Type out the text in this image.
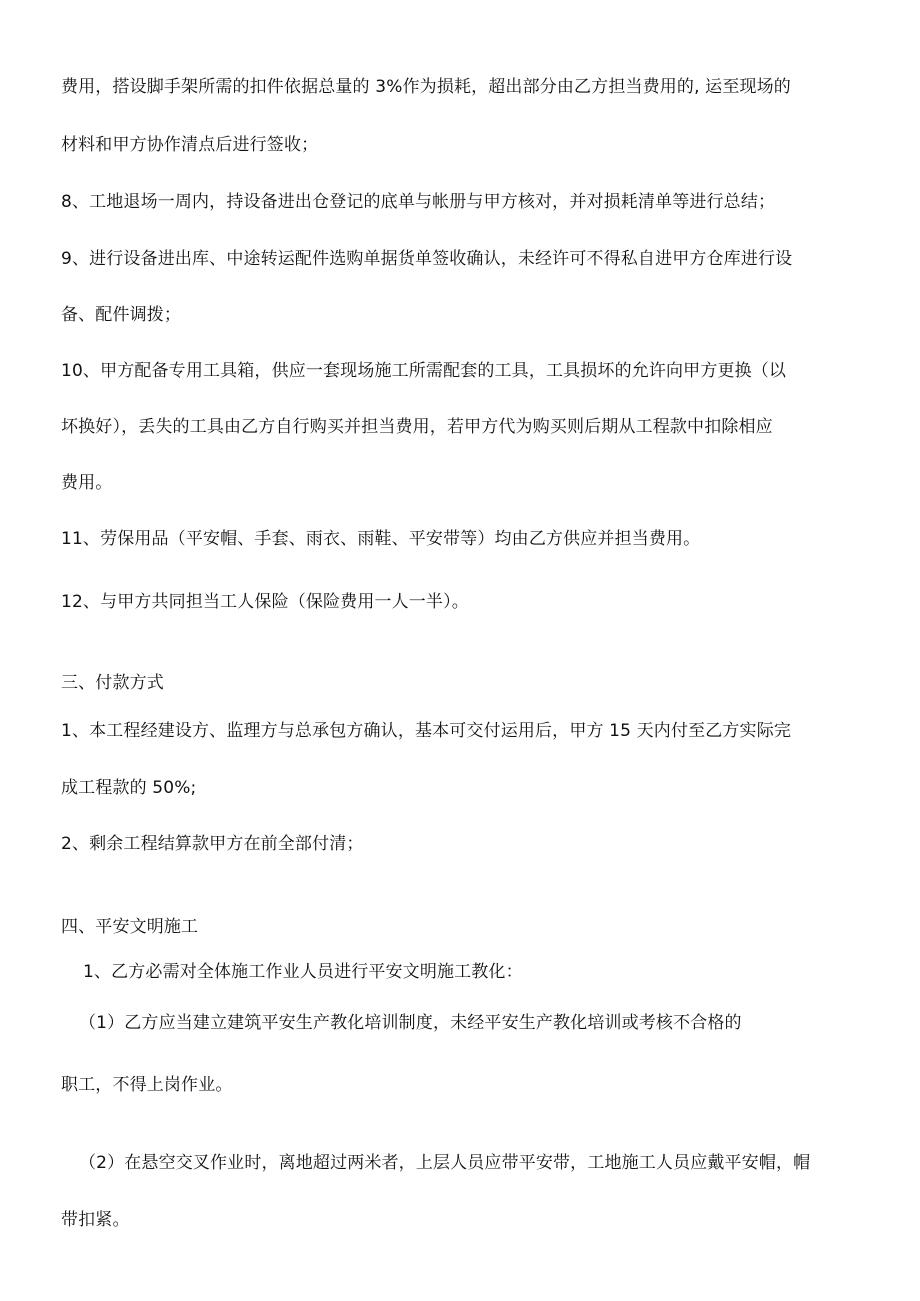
费用，搭设脚手架所需的扣件依据总量的 3%作为损耗，超出部分由乙方担当费用的, 运至现场的
材料和甲方协作清点后进行签收；
8、工地退场一周内，持设备进出仓登记的底单与帐册与甲方核对，并对损耗清单等进行总结；
9、进行设备进出库、中途转运配件选购单据货单签收确认，未经许可不得私自进甲方仓库进行设
备、配件调拨；
10、甲方配备专用工具箱，供应一套现场施工所需配套的工具，工具损坏的允许向甲方更换（以
坏换好），丢失的工具由乙方自行购买并担当费用，若甲方代为购买则后期从工程款中扣除相应
费用。
11、劳保用品（平安帽、手套、雨衣、雨鞋、平安带等）均由乙方供应并担当费用。
12、与甲方共同担当工人保险（保险费用一人一半）。
三、付款方式
1、本工程经建设方、监理方与总承包方确认，基本可交付运用后，甲方 15 天内付至乙方实际完
成工程款的 50%;
2、剩余工程结算款甲方在前全部付清；
四、平安文明施工
1、乙方必需对全体施工作业人员进行平安文明施工教化：
（1）乙方应当建立建筑平安生产教化培训制度，未经平安生产教化培训或考核不合格的
职工，不得上岗作业。
（2）在悬空交叉作业时，离地超过两米者，上层人员应带平安带，工地施工人员应戴平安帽，帽
带扣紧。
